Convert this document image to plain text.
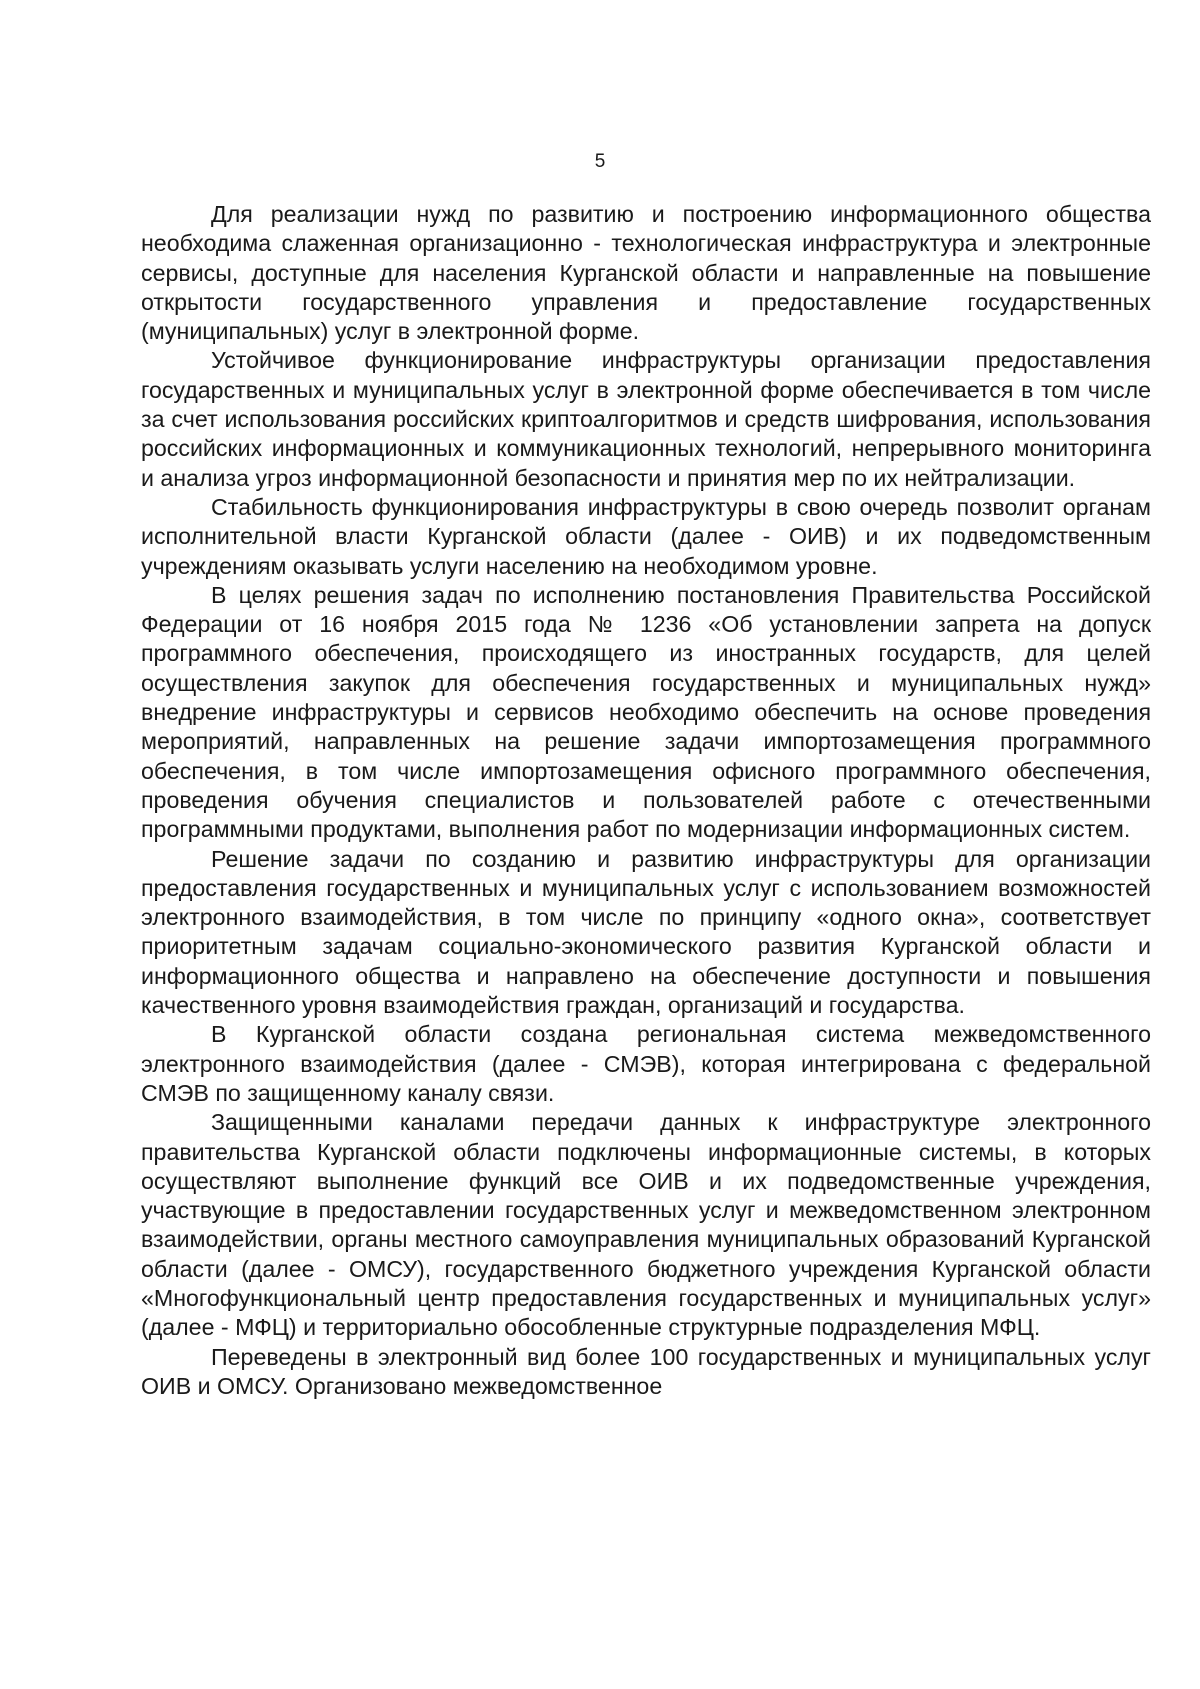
5

Для реализации нужд по развитию и построению информационного общества необходима слаженная организационно - технологическая инфраструктура и электронные сервисы, доступные для населения Курганской области и направленные на повышение открытости государственного управления и предоставление государственных (муниципальных) услуг в электронной форме.

Устойчивое функционирование инфраструктуры организации предоставления государственных и муниципальных услуг в электронной форме обеспечивается в том числе за счет использования российских криптоалгоритмов и средств шифрования, использования российских информационных и коммуникационных технологий, непрерывного мониторинга и анализа угроз информационной безопасности и принятия мер по их нейтрализации.

Стабильность функционирования инфраструктуры в свою очередь позволит органам исполнительной власти Курганской области (далее - ОИВ) и их подведомственным учреждениям оказывать услуги населению на необходимом уровне.

В целях решения задач по исполнению постановления Правительства Российской Федерации от 16 ноября 2015 года № 1236 «Об установлении запрета на допуск программного обеспечения, происходящего из иностранных государств, для целей осуществления закупок для обеспечения государственных и муниципальных нужд» внедрение инфраструктуры и сервисов необходимо обеспечить на основе проведения мероприятий, направленных на решение задачи импортозамещения программного обеспечения, в том числе импортозамещения офисного программного обеспечения, проведения обучения специалистов и пользователей работе с отечественными программными продуктами, выполнения работ по модернизации информационных систем.

Решение задачи по созданию и развитию инфраструктуры для организации предоставления государственных и муниципальных услуг с использованием возможностей электронного взаимодействия, в том числе по принципу «одного окна», соответствует приоритетным задачам социально-экономического развития Курганской области и информационного общества и направлено на обеспечение доступности и повышения качественного уровня взаимодействия граждан, организаций и государства.

В Курганской области создана региональная система межведомственного электронного взаимодействия (далее - СМЭВ), которая интегрирована с федеральной СМЭВ по защищенному каналу связи.

Защищенными каналами передачи данных к инфраструктуре электронного правительства Курганской области подключены информационные системы, в которых осуществляют выполнение функций все ОИВ и их подведомственные учреждения, участвующие в предоставлении государственных услуг и межведомственном электронном взаимодействии, органы местного самоуправления муниципальных образований Курганской области (далее - ОМСУ), государственного бюджетного учреждения Курганской области «Многофункциональный центр предоставления государственных и муниципальных услуг» (далее - МФЦ) и территориально обособленные структурные подразделения МФЦ.

Переведены в электронный вид более 100 государственных и муниципальных услуг ОИВ и ОМСУ. Организовано межведомственное
